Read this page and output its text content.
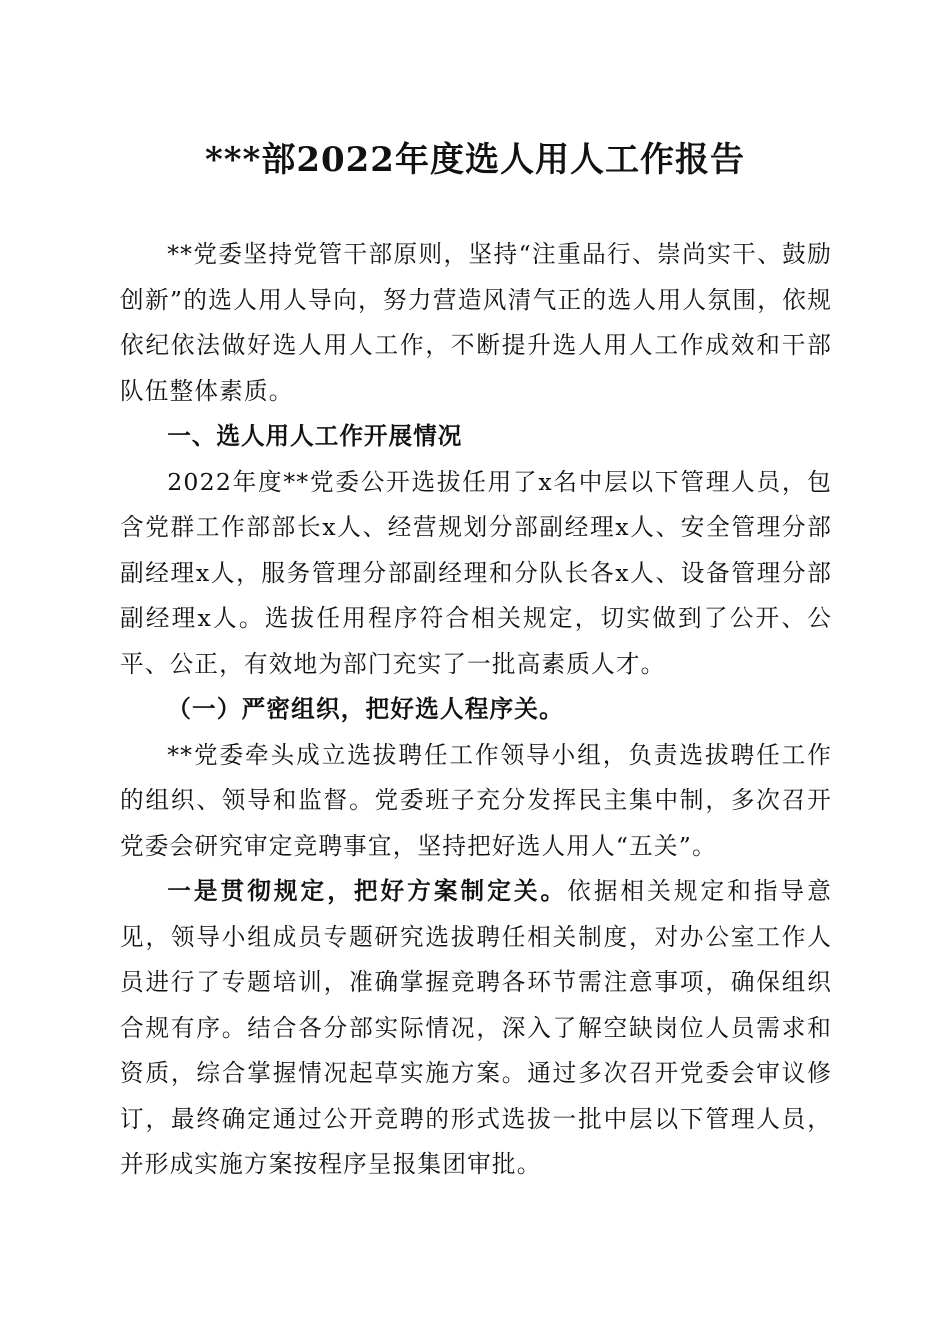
***部2022年度选人用人工作报告

**党委坚持党管干部原则，坚持“注重品行、崇尚实干、鼓励创新”的选人用人导向，努力营造风清气正的选人用人氛围，依规依纪依法做好选人用人工作，不断提升选人用人工作成效和干部队伍整体素质。

一、选人用人工作开展情况

2022年度**党委公开选拔任用了x名中层以下管理人员，包含党群工作部部长x人、经营规划分部副经理x人、安全管理分部副经理x人，服务管理分部副经理和分队长各x人、设备管理分部副经理x人。选拔任用程序符合相关规定，切实做到了公开、公平、公正，有效地为部门充实了一批高素质人才。

（一）严密组织，把好选人程序关。

**党委牵头成立选拔聘任工作领导小组，负责选拔聘任工作的组织、领导和监督。党委班子充分发挥民主集中制，多次召开党委会研究审定竞聘事宜，坚持把好选人用人“五关”。

一是贯彻规定，把好方案制定关。依据相关规定和指导意见，领导小组成员专题研究选拔聘任相关制度，对办公室工作人员进行了专题培训，准确掌握竞聘各环节需注意事项，确保组织合规有序。结合各分部实际情况，深入了解空缺岗位人员需求和资质，综合掌握情况起草实施方案。通过多次召开党委会审议修订，最终确定通过公开竞聘的形式选拔一批中层以下管理人员，并形成实施方案按程序呈报集团审批。
